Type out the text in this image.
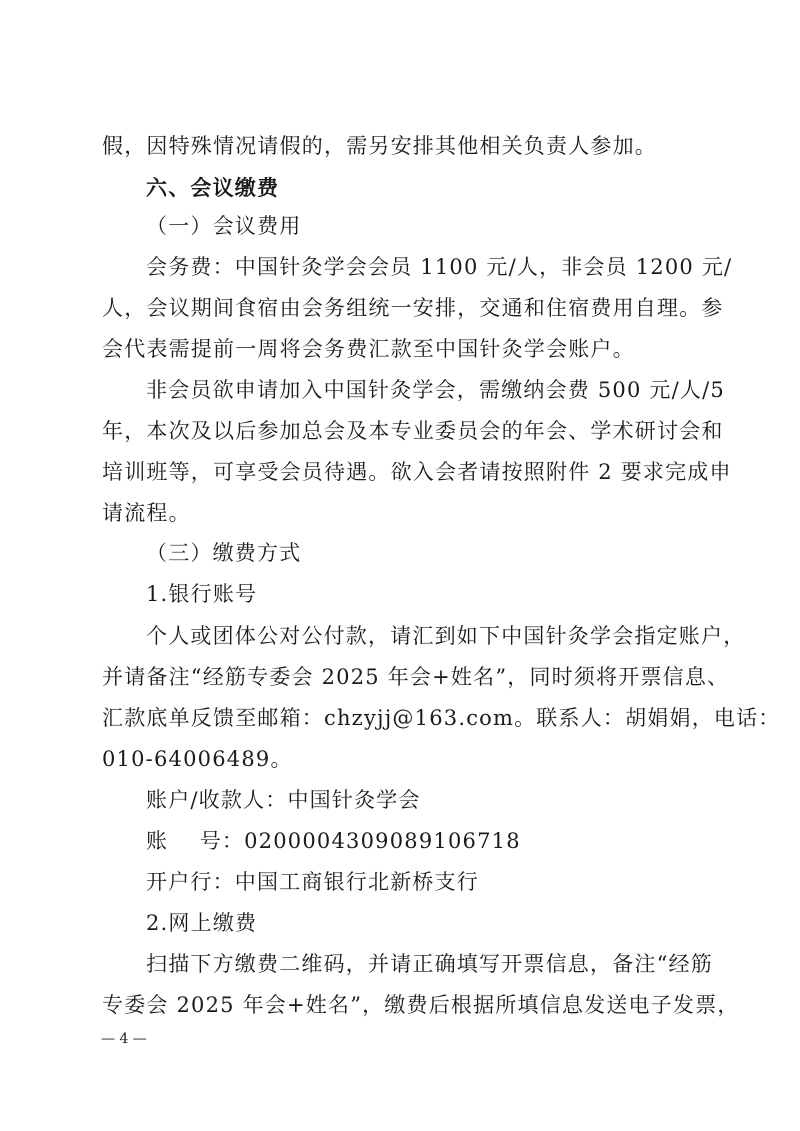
假，因特殊情况请假的，需另安排其他相关负责人参加。
六、会议缴费
（一）会议费用
会务费：中国针灸学会会员 1100 元/人，非会员 1200 元/
人，会议期间食宿由会务组统一安排，交通和住宿费用自理。参
会代表需提前一周将会务费汇款至中国针灸学会账户。
非会员欲申请加入中国针灸学会，需缴纳会费 500 元/人/5
年，本次及以后参加总会及本专业委员会的年会、学术研讨会和
培训班等，可享受会员待遇。欲入会者请按照附件 2 要求完成申
请流程。
（三）缴费方式
1.银行账号
个人或团体公对公付款，请汇到如下中国针灸学会指定账户，
并请备注“经筋专委会 2025 年会+姓名”，同时须将开票信息、
汇款底单反馈至邮箱：chzyjj@163.com。联系人：胡娟娟，电话：
010-64006489。
账户/收款人：中国针灸学会
账    号：0200004309089106718
开户行：中国工商银行北新桥支行
2.网上缴费
扫描下方缴费二维码，并请正确填写开票信息，备注“经筋
专委会 2025 年会+姓名”，缴费后根据所填信息发送电子发票，
— 4 —
